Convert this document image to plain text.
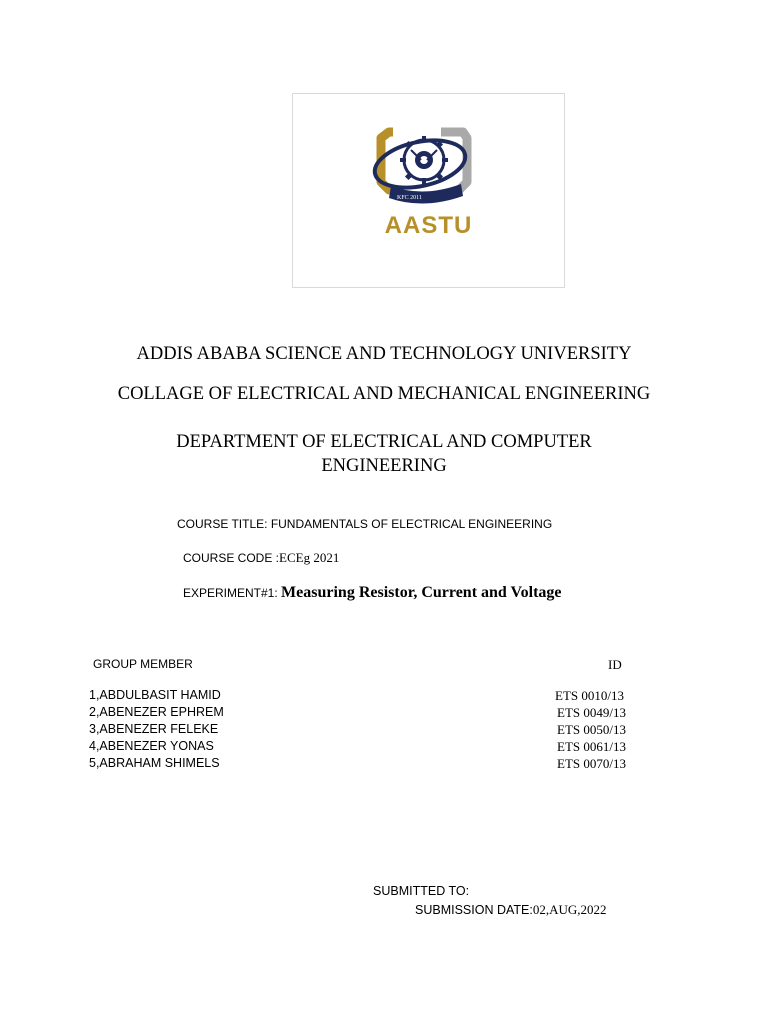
KFC 2011
AASTU
ADDIS ABABA SCIENCE AND TECHNOLOGY UNIVERSITY
COLLAGE OF ELECTRICAL AND MECHANICAL ENGINEERING
DEPARTMENT OF ELECTRICAL AND COMPUTER
ENGINEERING
COURSE TITLE: FUNDAMENTALS OF ELECTRICAL ENGINEERING
COURSE CODE :ECEg 2021
EXPERIMENT#1: Measuring Resistor, Current and Voltage
GROUP MEMBER	ID
1,ABDULBASIT HAMID	ETS 0010/13
2,ABENEZER EPHREM	ETS 0049/13
3,ABENEZER FELEKE	ETS 0050/13
4,ABENEZER YONAS	ETS 0061/13
5,ABRAHAM SHIMELS	ETS 0070/13
SUBMITTED TO:
SUBMISSION DATE:02,AUG,2022
